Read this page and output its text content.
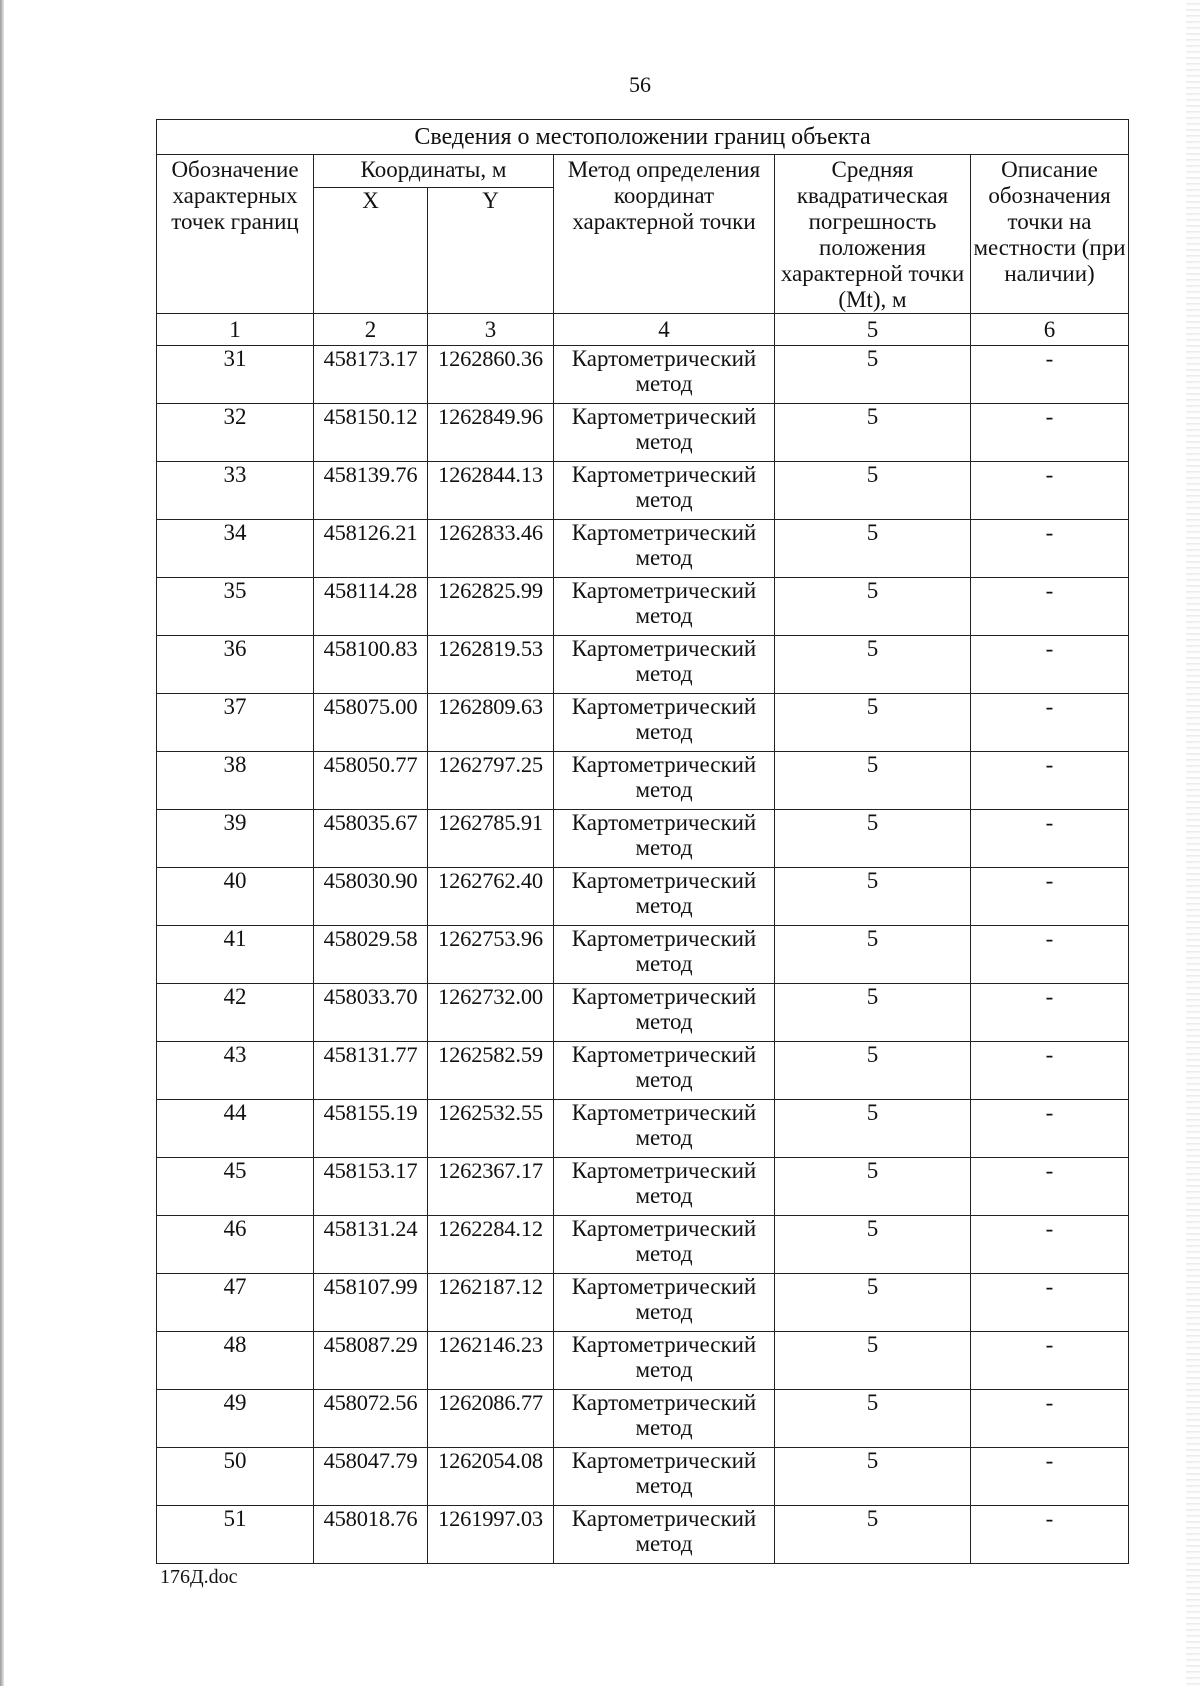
56
Сведения о местоположении границ объекта					
Обозначение характерных точек границ	Координаты, м		Метод определения координат характерной точки	Средняя квадратическая погрешность положения характерной точки (Mt), м	Описание обозначения точки на местности (при наличии)
	X	Y			
1	2	3	4	5	6
31	458173.17	1262860.36	Картометрический метод	5	-
32	458150.12	1262849.96	Картометрический метод	5	-
33	458139.76	1262844.13	Картометрический метод	5	-
34	458126.21	1262833.46	Картометрический метод	5	-
35	458114.28	1262825.99	Картометрический метод	5	-
36	458100.83	1262819.53	Картометрический метод	5	-
37	458075.00	1262809.63	Картометрический метод	5	-
38	458050.77	1262797.25	Картометрический метод	5	-
39	458035.67	1262785.91	Картометрический метод	5	-
40	458030.90	1262762.40	Картометрический метод	5	-
41	458029.58	1262753.96	Картометрический метод	5	-
42	458033.70	1262732.00	Картометрический метод	5	-
43	458131.77	1262582.59	Картометрический метод	5	-
44	458155.19	1262532.55	Картометрический метод	5	-
45	458153.17	1262367.17	Картометрический метод	5	-
46	458131.24	1262284.12	Картометрический метод	5	-
47	458107.99	1262187.12	Картометрический метод	5	-
48	458087.29	1262146.23	Картометрический метод	5	-
49	458072.56	1262086.77	Картометрический метод	5	-
50	458047.79	1262054.08	Картометрический метод	5	-
51	458018.76	1261997.03	Картометрический метод	5	-
176Д.doc
